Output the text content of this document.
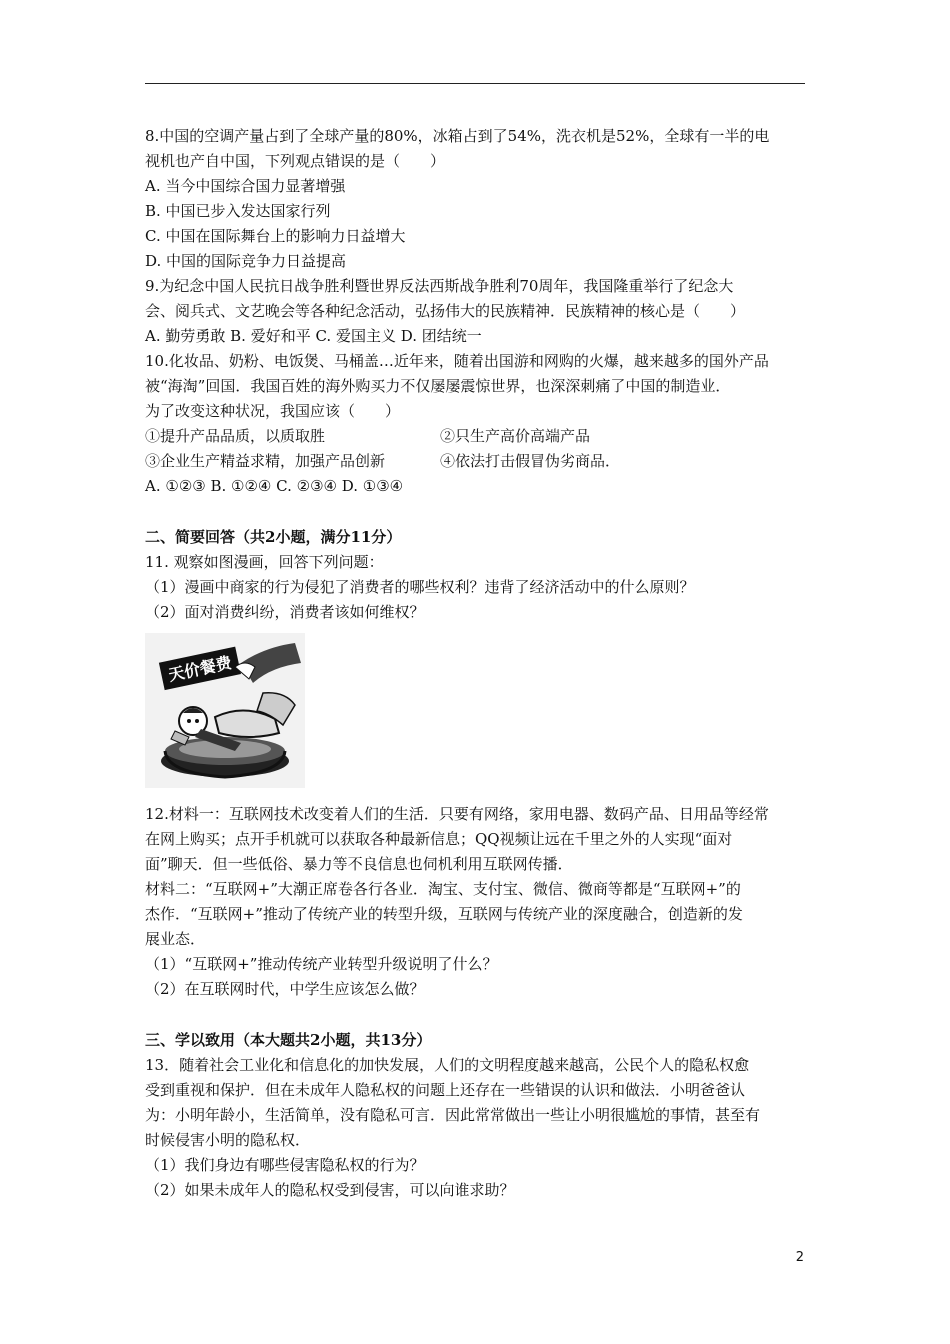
8.中国的空调产量占到了全球产量的80%，冰箱占到了54%，洗衣机是52%，全球有一半的电
视机也产自中国，下列观点错误的是（　　）
A. 当今中国综合国力显著增强
B. 中国已步入发达国家行列
C. 中国在国际舞台上的影响力日益增大
D. 中国的国际竞争力日益提高
9.为纪念中国人民抗日战争胜利暨世界反法西斯战争胜利70周年，我国隆重举行了纪念大
会、阅兵式、文艺晚会等各种纪念活动，弘扬伟大的民族精神．民族精神的核心是（　　）
A. 勤劳勇敢 B. 爱好和平 C. 爱国主义 D. 团结统一
10.化妆品、奶粉、电饭煲、马桶盖…近年来，随着出国游和网购的火爆，越来越多的国外产品
被“海淘”回国．我国百姓的海外购买力不仅屡屡震惊世界，也深深刺痛了中国的制造业．
为了改变这种状况，我国应该（　　）
①提升产品品质，以质取胜	②只生产高价高端产品
③企业生产精益求精，加强产品创新	④依法打击假冒伪劣商品．
A. ①②③ B. ①②④ C. ②③④ D. ①③④
二、简要回答（共2小题，满分11分）
11. 观察如图漫画，回答下列问题：
（1）漫画中商家的行为侵犯了消费者的哪些权利？违背了经济活动中的什么原则？
（2）面对消费纠纷，消费者该如何维权？
天价餐费
12.材料一：互联网技术改变着人们的生活．只要有网络，家用电器、数码产品、日用品等经常
在网上购买；点开手机就可以获取各种最新信息；QQ视频让远在千里之外的人实现“面对
面”聊天．但一些低俗、暴力等不良信息也伺机利用互联网传播．
材料二：“互联网+”大潮正席卷各行各业．淘宝、支付宝、微信、微商等都是“互联网+”的
杰作．“互联网+”推动了传统产业的转型升级，互联网与传统产业的深度融合，创造新的发
展业态．
（1）“互联网+”推动传统产业转型升级说明了什么？
（2）在互联网时代，中学生应该怎么做？
三、学以致用（本大题共2小题，共13分）
13．随着社会工业化和信息化的加快发展，人们的文明程度越来越高，公民个人的隐私权愈
受到重视和保护．但在未成年人隐私权的问题上还存在一些错误的认识和做法．小明爸爸认
为：小明年龄小，生活简单，没有隐私可言．因此常常做出一些让小明很尴尬的事情，甚至有
时候侵害小明的隐私权．
（1）我们身边有哪些侵害隐私权的行为？
（2）如果未成年人的隐私权受到侵害，可以向谁求助？
2
